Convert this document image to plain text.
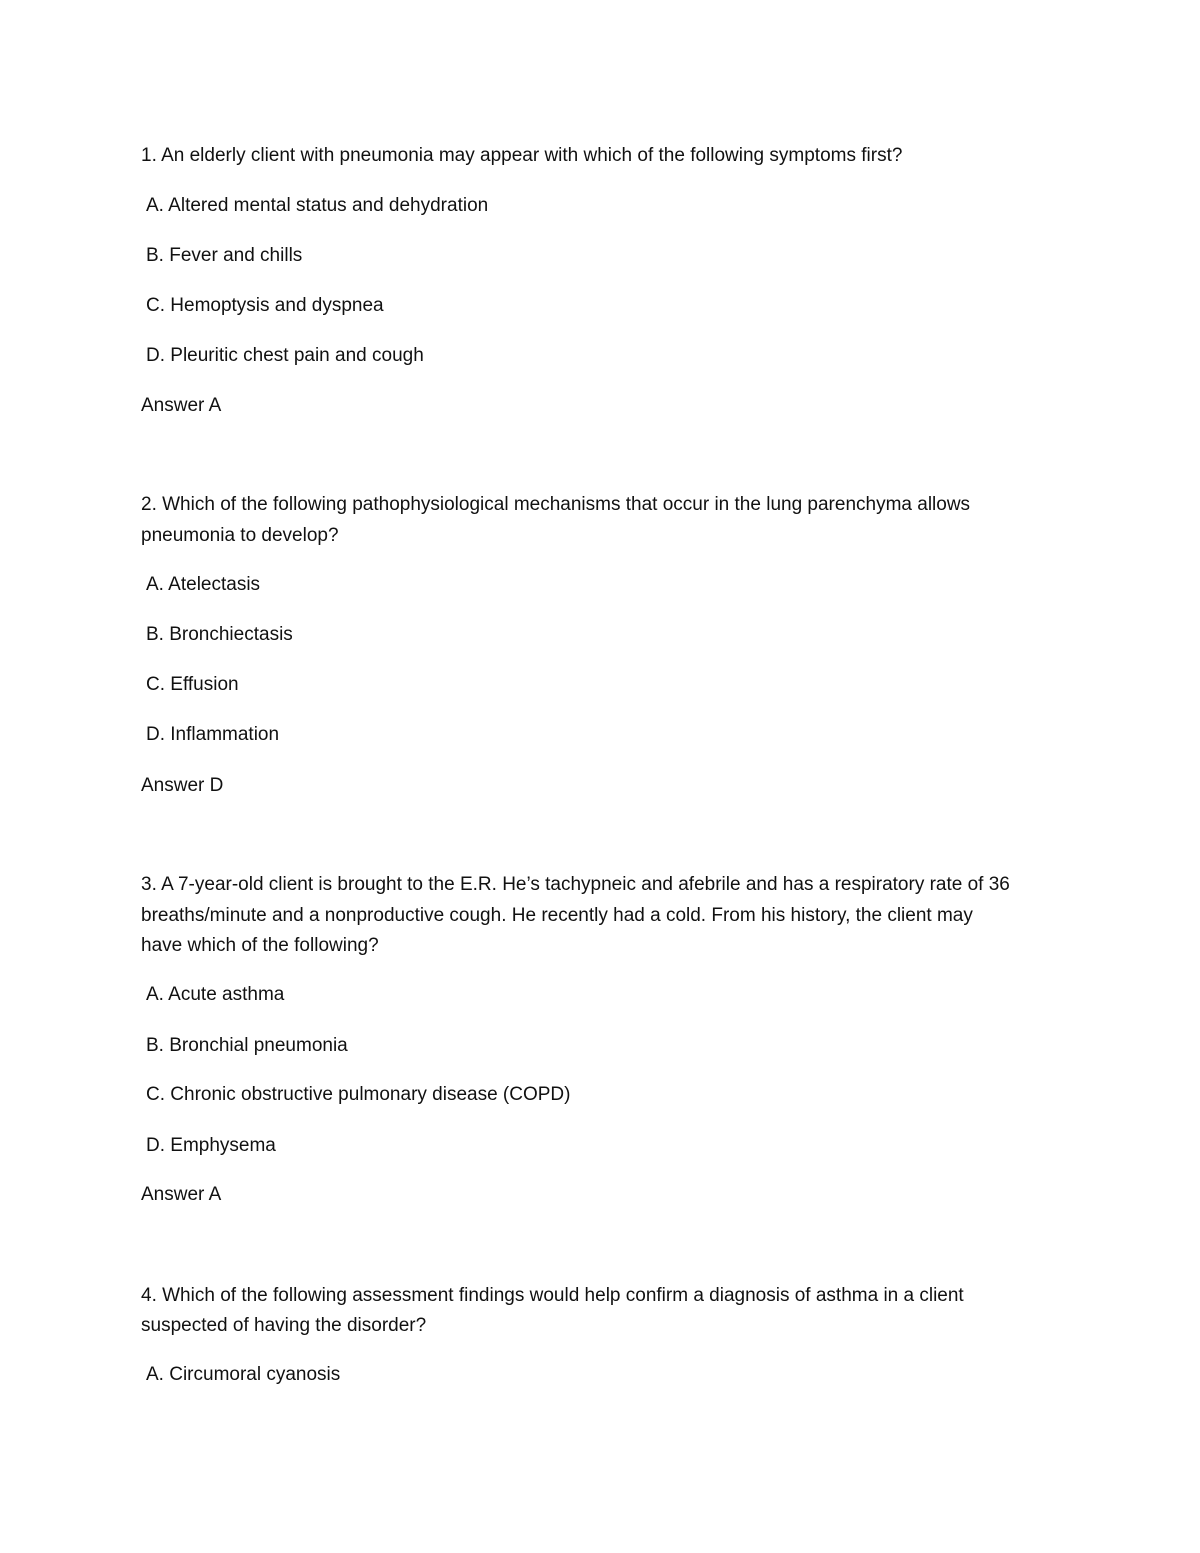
1. An elderly client with pneumonia may appear with which of the following symptoms first?

A. Altered mental status and dehydration

B. Fever and chills

C. Hemoptysis and dyspnea

D. Pleuritic chest pain and cough

Answer A

2. Which of the following pathophysiological mechanisms that occur in the lung parenchyma allows

pneumonia to develop?

A. Atelectasis

B. Bronchiectasis

C. Effusion

D. Inflammation

Answer D

3. A 7-year-old client is brought to the E.R. He’s tachypneic and afebrile and has a respiratory rate of 36

breaths/minute and a nonproductive cough. He recently had a cold. From his history, the client may

have which of the following?

A. Acute asthma

B. Bronchial pneumonia

C. Chronic obstructive pulmonary disease (COPD)

D. Emphysema

Answer A

4. Which of the following assessment findings would help confirm a diagnosis of asthma in a client

suspected of having the disorder?

A. Circumoral cyanosis
